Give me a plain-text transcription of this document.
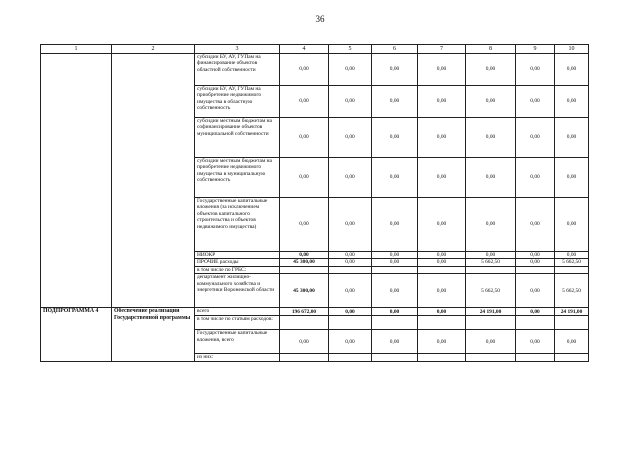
36
1	2	3	4	5	6	7	8	9	10
		субсидии БУ, АУ, ГУПам на финансирование объектов областной собственности	0,00	0,00	0,00	0,00	0,00	0,00	0,00
		субсидии БУ, АУ, ГУПам на приобретение недвижимого имущества в областную собственность	0,00	0,00	0,00	0,00	0,00	0,00	0,00
		субсидии местным бюджетам на софинансирование объектов муниципальной собственности	0,00	0,00	0,00	0,00	0,00	0,00	0,00
		субсидии местным бюджетам на приобретение недвижимого имущества в муниципальную собственность	0,00	0,00	0,00	0,00	0,00	0,00	0,00
		Государственные капитальные вложения (за исключением объектов капитального строительства и объектов недвижимого имущества)	0,00	0,00	0,00	0,00	0,00	0,00	0,00
		НИОКР	0,00	0,00	0,00	0,00	0,00	0,00	0,00
		ПРОЧИЕ расходы	45 300,00	0,00	0,00	0,00	5 662,50	0,00	5 662,50
		в том числе по ГРБС:							
		департамент жилищно-коммунального хозяйства и энергетики Воронежской области	45 300,00	0,00	0,00	0,00	5 662,50	0,00	5 662,50
ПОДПРОГРАММА 4	Обеспечение реализации Государственной программы	всего	196 672,00	0,00	0,00	0,00	24 191,00	0,00	24 191,00
		в том числе по статьям расходов:							
		Государственные капитальные вложения, всего	0,00	0,00	0,00	0,00	0,00	0,00	0,00
		из них:							
